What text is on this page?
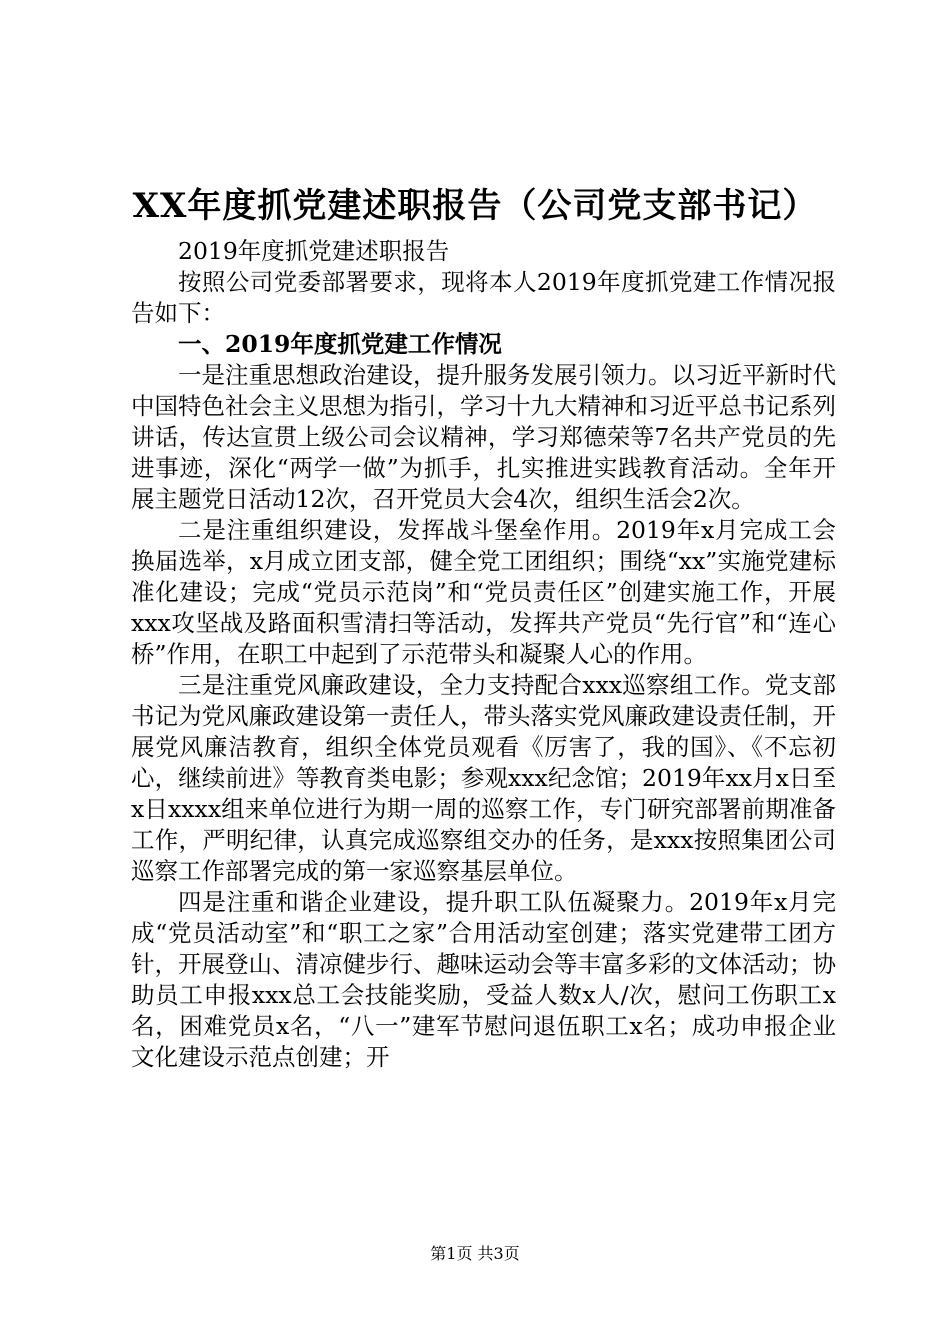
XX年度抓党建述职报告（公司党支部书记）

2019年度抓党建述职报告

按照公司党委部署要求，现将本人2019年度抓党建工作情况报告如下：

一、2019年度抓党建工作情况

一是注重思想政治建设，提升服务发展引领力。以习近平新时代中国特色社会主义思想为指引，学习十九大精神和习近平总书记系列讲话，传达宣贯上级公司会议精神，学习郑德荣等7名共产党员的先进事迹，深化“两学一做”为抓手，扎实推进实践教育活动。全年开展主题党日活动12次，召开党员大会4次，组织生活会2次。

二是注重组织建设，发挥战斗堡垒作用。2019年x月完成工会换届选举，x月成立团支部，健全党工团组织；围绕“xx”实施党建标准化建设；完成“党员示范岗”和“党员责任区”创建实施工作，开展xxx攻坚战及路面积雪清扫等活动，发挥共产党员“先行官”和“连心桥”作用，在职工中起到了示范带头和凝聚人心的作用。

三是注重党风廉政建设，全力支持配合xxx巡察组工作。党支部书记为党风廉政建设第一责任人，带头落实党风廉政建设责任制，开展党风廉洁教育，组织全体党员观看《厉害了，我的国》、《不忘初心，继续前进》等教育类电影；参观xxx纪念馆；2019年xx月x日至x日xxxx组来单位进行为期一周的巡察工作，专门研究部署前期准备工作，严明纪律，认真完成巡察组交办的任务，是xxx按照集团公司巡察工作部署完成的第一家巡察基层单位。

四是注重和谐企业建设，提升职工队伍凝聚力。2019年x月完成“党员活动室”和“职工之家”合用活动室创建；落实党建带工团方针，开展登山、清凉健步行、趣味运动会等丰富多彩的文体活动；协助员工申报xxx总工会技能奖励，受益人数x人/次，慰问工伤职工x名，困难党员x名，“八一”建军节慰问退伍职工x名；成功申报企业文化建设示范点创建；开

第1页 共3页
